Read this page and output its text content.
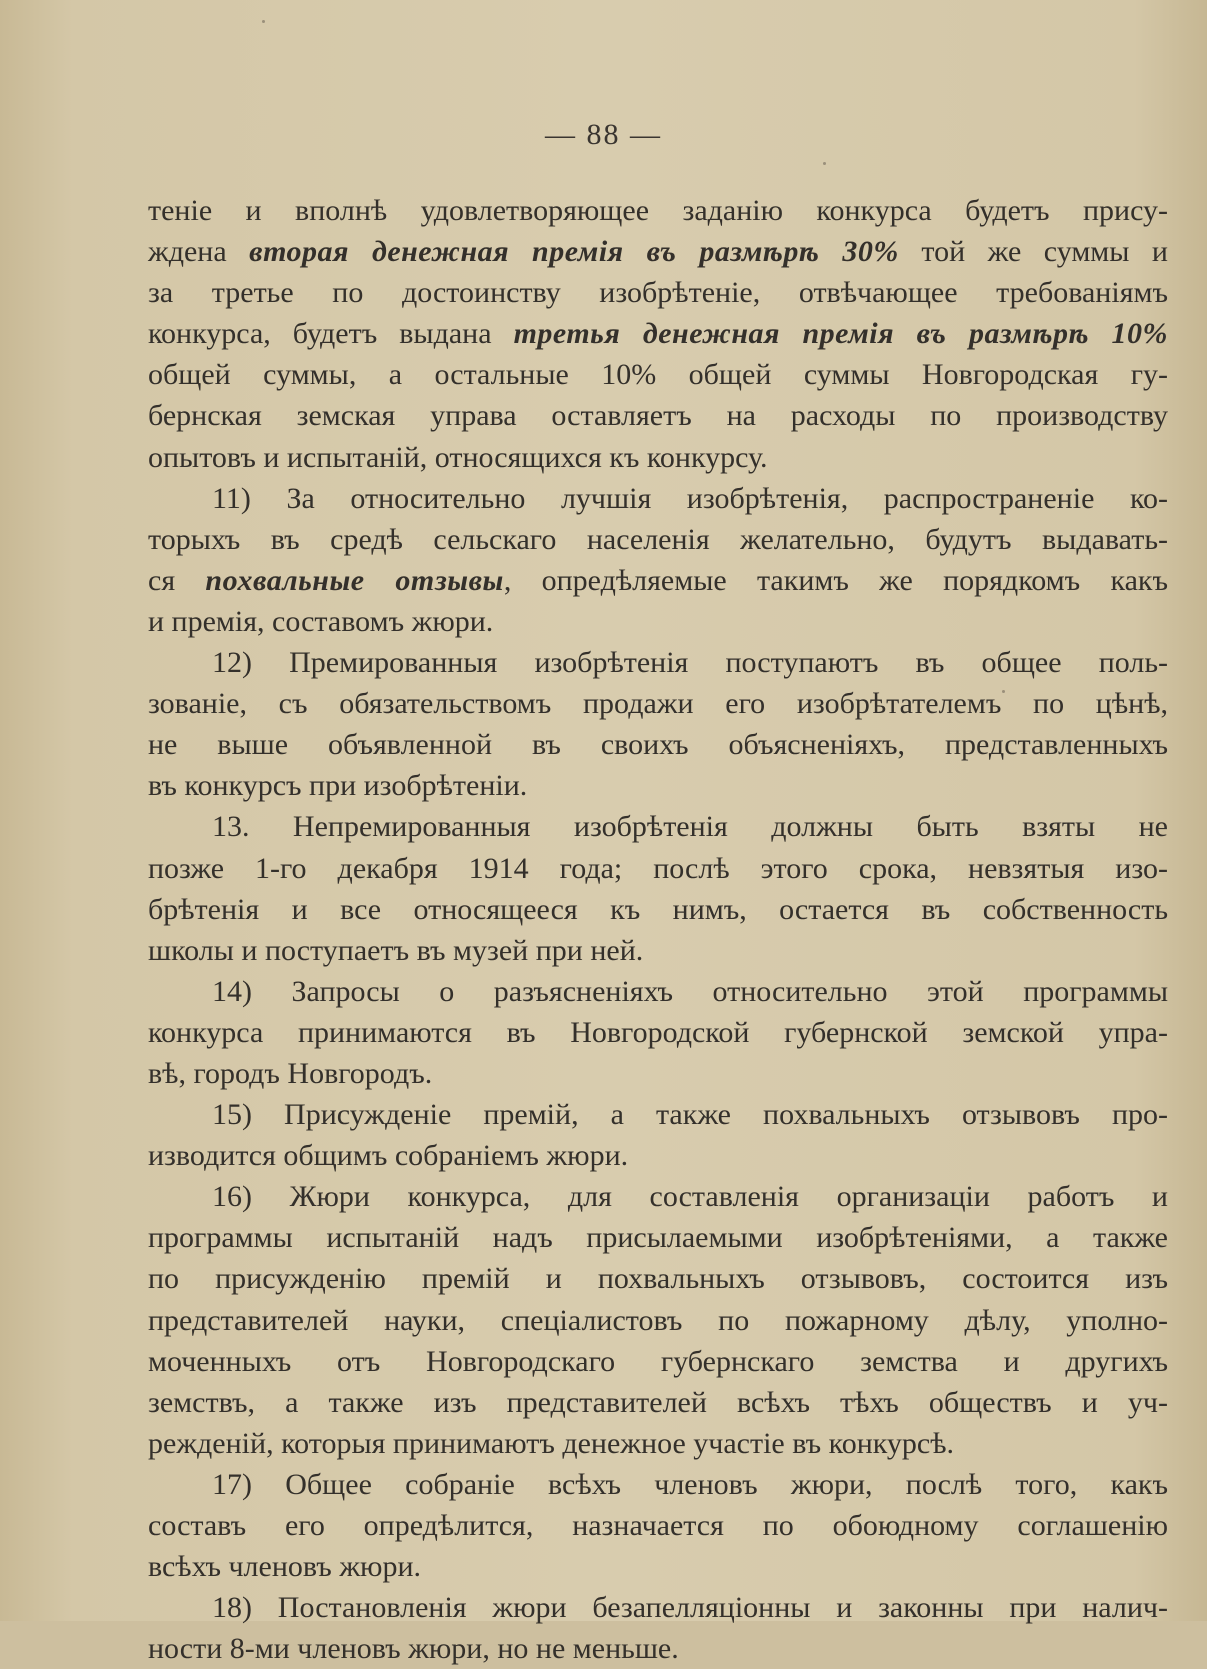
— 88 —
теніе и вполнѣ удовлетворяющее заданію конкурса будетъ прису-
ждена вторая денежная премія въ размѣрѣ 30% той же суммы и
за третье по достоинству изобрѣтеніе, отвѣчающее требованіямъ
конкурса, будетъ выдана третья денежная премія въ размѣрѣ 10%
общей суммы, а остальные 10% общей суммы Новгородская гу-
бернская земская управа оставляетъ на расходы по производству
опытовъ и испытаній, относящихся къ конкурсу.
11) За относительно лучшія изобрѣтенія, распространеніе ко-
торыхъ въ средѣ сельскаго населенія желательно, будутъ выдавать-
ся похвальные отзывы, опредѣляемые такимъ же порядкомъ какъ
и премія, составомъ жюри.
12) Премированныя изобрѣтенія поступаютъ въ общее поль-
зованіе, съ обязательствомъ продажи его изобрѣтателемъ по цѣнѣ,
не выше объявленной въ своихъ объясненіяхъ, представленныхъ
въ конкурсъ при изобрѣтеніи.
13. Непремированныя изобрѣтенія должны быть взяты не
позже 1-го декабря 1914 года; послѣ этого срока, невзятыя изо-
брѣтенія и все относящееся къ нимъ, остается въ собственность
школы и поступаетъ въ музей при ней.
14) Запросы о разъясненіяхъ относительно этой программы
конкурса принимаются въ Новгородской губернской земской упра-
вѣ, городъ Новгородъ.
15) Присужденіе премій, а также похвальныхъ отзывовъ про-
изводится общимъ собраніемъ жюри.
16) Жюри конкурса, для составленія организаціи работъ и
программы испытаній надъ присылаемыми изобрѣтеніями, а также
по присужденію премій и похвальныхъ отзывовъ, состоится изъ
представителей науки, спеціалистовъ по пожарному дѣлу, уполно-
моченныхъ отъ Новгородскаго губернскаго земства и другихъ
земствъ, а также изъ представителей всѣхъ тѣхъ обществъ и уч-
режденій, которыя принимаютъ денежное участіе въ конкурсѣ.
17) Общее собраніе всѣхъ членовъ жюри, послѣ того, какъ
составъ его опредѣлится, назначается по обоюдному соглашенію
всѣхъ членовъ жюри.
18) Постановленія жюри безапелляціонны и законны при налич-
ности 8-ми членовъ жюри, но не меньше.
